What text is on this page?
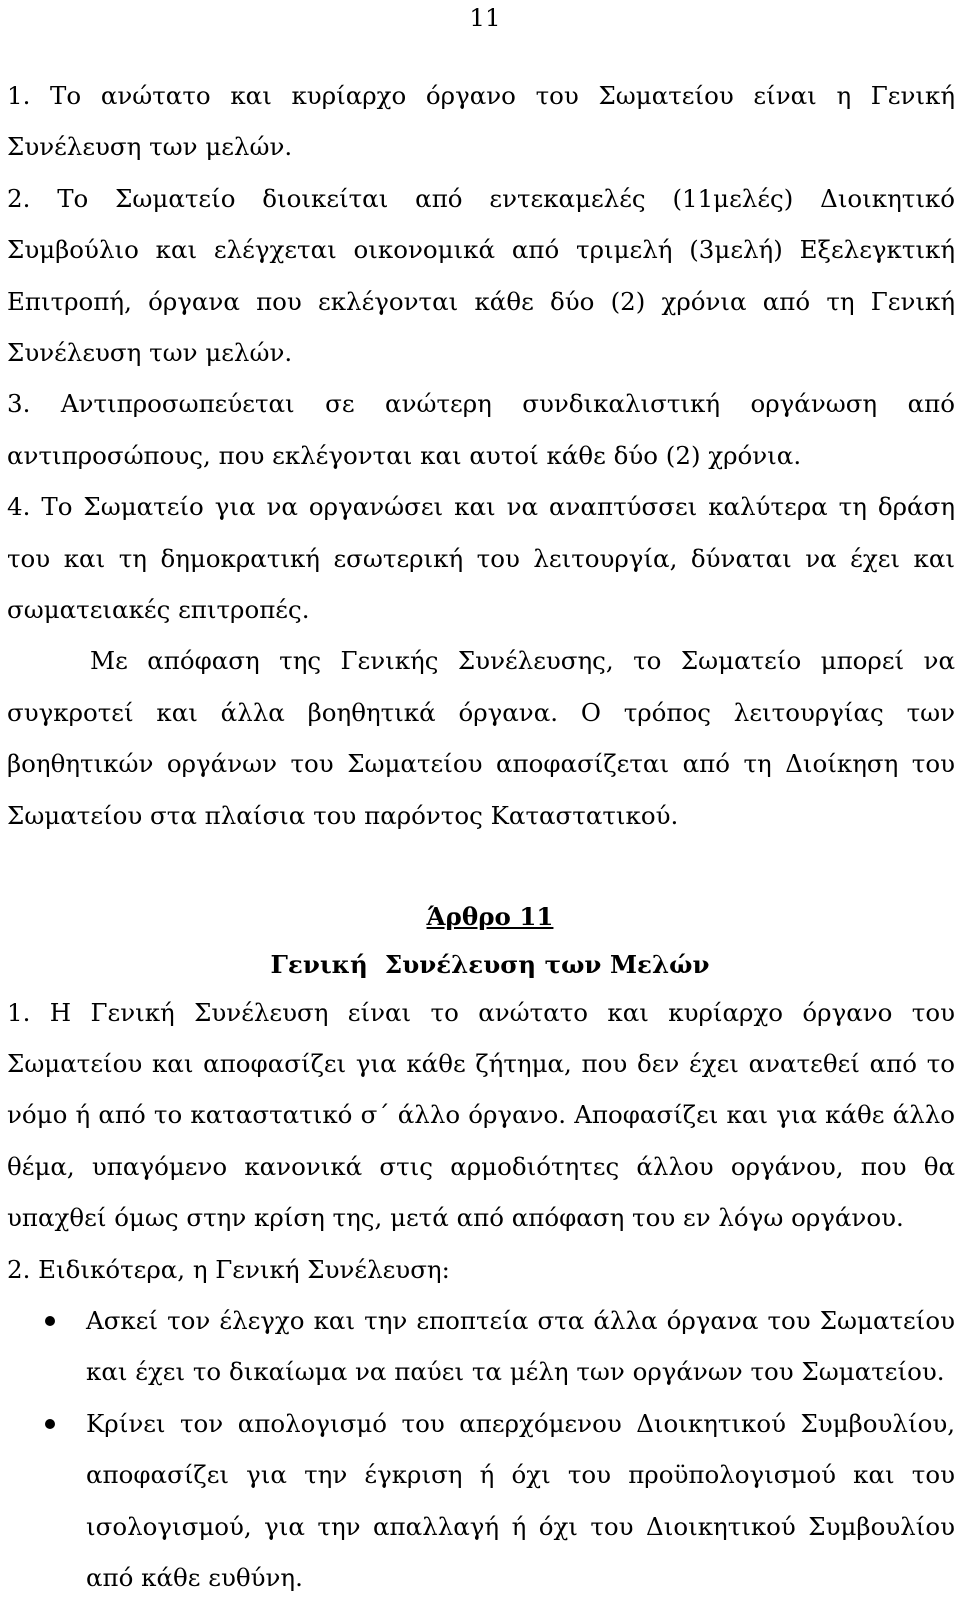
11

1. Το ανώτατο και κυρίαρχο όργανο του Σωματείου είναι η Γενική Συνέλευση των μελών.

2. Το Σωματείο διοικείται από εντεκαμελές (11μελές) Διοικητικό Συμβούλιο και ελέγχεται οικονομικά από τριμελή (3μελή) Εξελεγκτική Επιτροπή, όργανα που εκλέγονται κάθε δύο (2) χρόνια από τη Γενική Συνέλευση των μελών.

3. Αντιπροσωπεύεται σε ανώτερη συνδικαλιστική οργάνωση από αντιπροσώπους, που εκλέγονται και αυτοί κάθε δύο (2) χρόνια.

4. Το Σωματείο για να οργανώσει και να αναπτύσσει καλύτερα τη δράση του και τη δημοκρατική εσωτερική του λειτουργία, δύναται να έχει και σωματειακές επιτροπές.

Με απόφαση της Γενικής Συνέλευσης, το Σωματείο μπορεί να συγκροτεί και άλλα βοηθητικά όργανα. Ο τρόπος λειτουργίας των βοηθητικών οργάνων του Σωματείου αποφασίζεται από τη Διοίκηση του Σωματείου στα πλαίσια του παρόντος Καταστατικού.

Άρθρο 11

Γενική  Συνέλευση των Μελών

1. Η Γενική Συνέλευση είναι το ανώτατο και κυρίαρχο όργανο του Σωματείου και αποφασίζει για κάθε ζήτημα, που δεν έχει ανατεθεί από το νόμο ή από το καταστατικό σ΄ άλλο όργανο. Αποφασίζει και για κάθε άλλο θέμα, υπαγόμενο κανονικά στις αρμοδιότητες άλλου οργάνου, που θα υπαχθεί όμως στην κρίση της, μετά από απόφαση του εν λόγω οργάνου.

2. Ειδικότερα, η Γενική Συνέλευση:

Ασκεί τον έλεγχο και την εποπτεία στα άλλα όργανα του Σωματείου και έχει το δικαίωμα να παύει τα μέλη των οργάνων του Σωματείου.
Κρίνει τον απολογισμό του απερχόμενου Διοικητικού Συμβουλίου, αποφασίζει για την έγκριση ή όχι του προϋπολογισμού και του ισολογισμού, για την απαλλαγή ή όχι του Διοικητικού Συμβουλίου από κάθε ευθύνη.
